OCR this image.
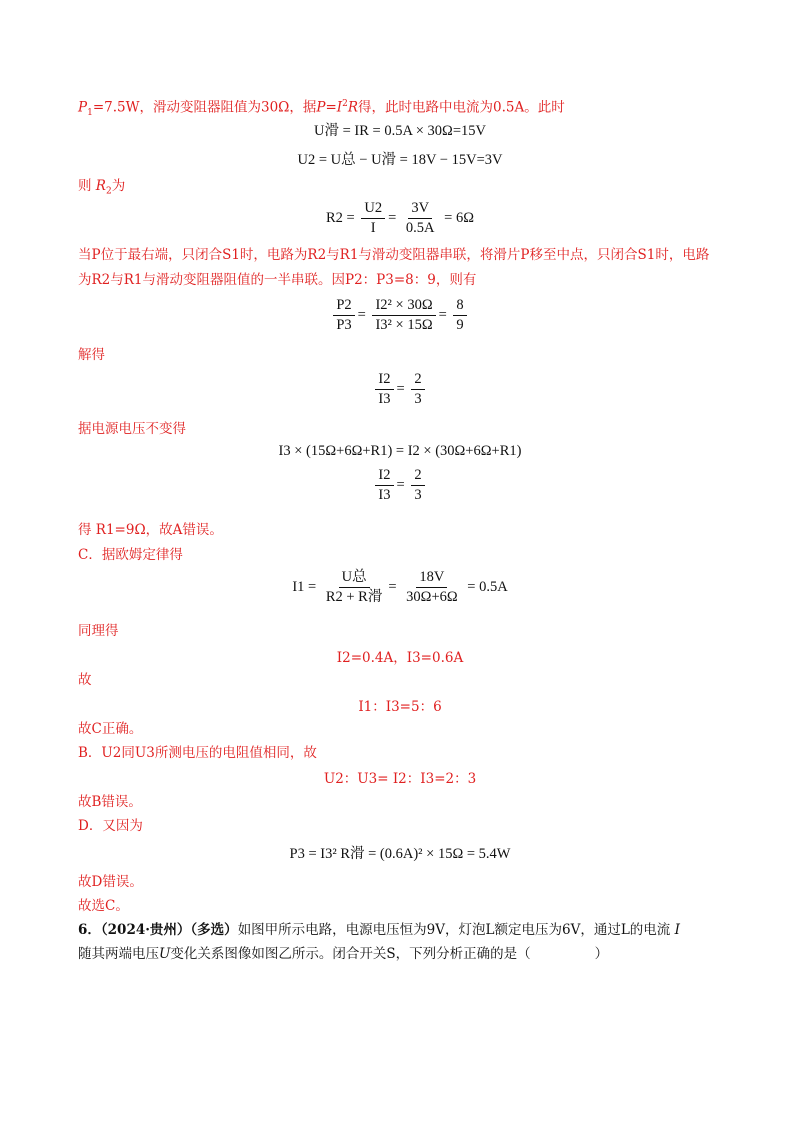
$P_1=7.5W$，滑动变阻器阻值为30Ω，据$P=I^2R$得，此时电路中电流为0.5A。此时
U滑 = IR = 0.5A × 30Ω=15V
U2 = U总 − U滑 = 18V − 15V=3V
则 $R_2$为
$R2 = \frac{U2}{I} = \frac{3V}{0.5A} = 6\Omega$
当P位于最右端，只闭合S1时，电路为R2与R1与滑动变阻器串联，将滑片P移至中点，只闭合S1时，电路
为R2与R1与滑动变阻器阻值的一半串联。因P2：P3=8：9，则有
$\frac{P2}{P3} = \frac{\text{I2² × 30Ω}}{\text{I3² × 15Ω}} = \frac{8}{9}$
解得
$\frac{I2}{I3} = \frac{2}{3}$
据电源电压不变得
I3 × (15Ω+6Ω+R1) = I2 × (30Ω+6Ω+R1)
$\frac{I2}{I3} = \frac{2}{3}$
得 R1=9Ω，故A错误。
C．据欧姆定律得
$I1 = \frac{\text{U总}}{\text{R2 + R滑}} = \frac{18V}{30\Omega+6\Omega} = 0.5A$
同理得
I2=0.4A，I3=0.6A
故
I1：I3=5：6
故C正确。
B．U2同U3所测电压的电阻值相同，故
U2：U3= I2：I3=2：3
故B错误。
D．又因为
P3 = I3² R滑 = (0.6A)² × 15Ω = 5.4W
故D错误。
故选C。
6．（2024·贵州）（多选）如图甲所示电路，电源电压恒为9V，灯泡L额定电压为6V，通过L的电流 I
随其两端电压U变化关系图像如图乙所示。闭合开关S，下列分析正确的是（	）
